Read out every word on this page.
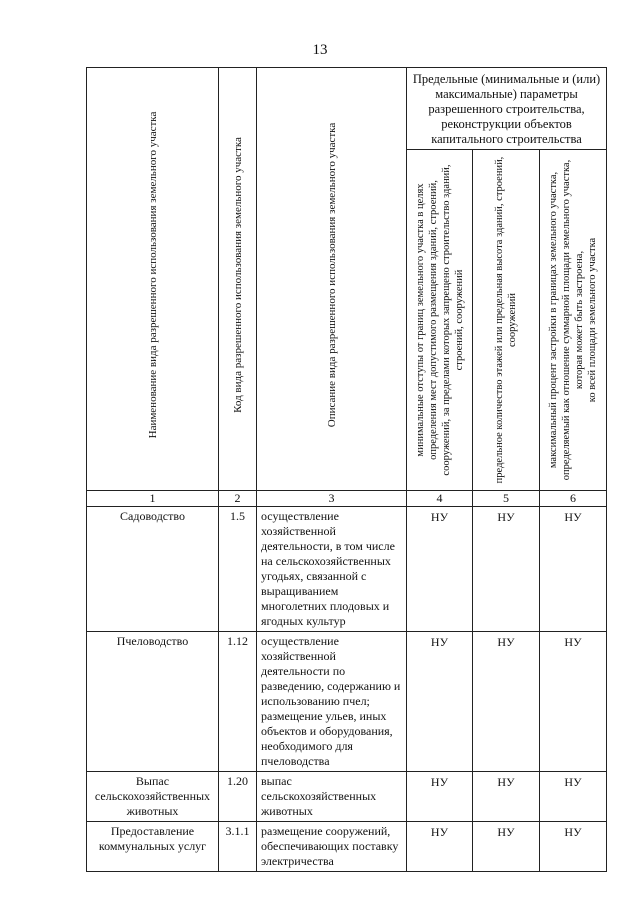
13
Наименование вида разрешенного использования земельного участка	Код вида разрешенного использования земельного участка	Описание вида разрешенного использования земельного участка	Предельные (минимальные и (или) максимальные) параметры разрешенного строительства, реконструкции объектов капитального строительства		

			минимальные отступы от границ земельного участка в целях определения мест допустимого размещения зданий, строений, сооружений, за пределами которых запрещено строительство зданий, строений, сооружений	предельное количество этажей или предельная высота зданий, строений, сооружений	максимальный процент застройки в границах земельного участка, определяемый как отношение суммарной площади земельного участка, которая может быть застроена, ко всей площади земельного участка

1	2	3	4	5	6
Садоводство	1.5	осуществление хозяйственной деятельности, в том числе на сельскохозяйственных угодьях, связанной с выращиванием многолетних плодовых и ягодных культур	НУ	НУ	НУ
Пчеловодство	1.12	осуществление хозяйственной деятельности по разведению, содержанию и использованию пчел; размещение ульев, иных объектов и оборудования, необходимого для пчеловодства	НУ	НУ	НУ
Выпас сельскохозяйственных животных	1.20	выпас сельскохозяйственных животных	НУ	НУ	НУ
Предоставление коммунальных услуг	3.1.1	размещение сооружений, обеспечивающих поставку электричества	НУ	НУ	НУ
